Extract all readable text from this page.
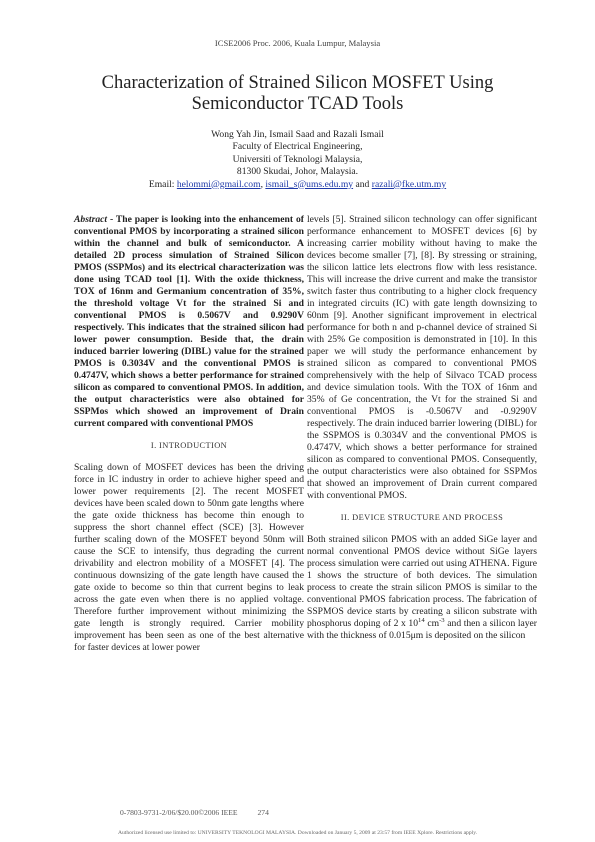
ICSE2006 Proc. 2006, Kuala Lumpur, Malaysia
Characterization of Strained Silicon MOSFET Using Semiconductor TCAD Tools
Wong Yah Jin, Ismail Saad and Razali Ismail
Faculty of Electrical Engineering,
Universiti of Teknologi Malaysia,
81300 Skudai, Johor, Malaysia.
Email: helommi@gmail.com, ismail_s@ums.edu.my and razali@fke.utm.my

Abstract - The paper is looking into the enhancement of conventional PMOS by incorporating a strained silicon within the channel and bulk of semiconductor. A detailed 2D process simulation of Strained Silicon PMOS (SSPMos) and its electrical characterization was done using TCAD tool [1]. With the oxide thickness, TOX of 16nm and Germanium concentration of 35%, the threshold voltage Vt for the strained Si and conventional PMOS is 0.5067V and 0.9290V respectively. This indicates that the strained silicon had lower power consumption. Beside that, the drain induced barrier lowering (DIBL) value for the strained PMOS is 0.3034V and the conventional PMOS is 0.4747V, which shows a better performance for strained silicon as compared to conventional PMOS. In addition, the output characteristics were also obtained for SSPMos which showed an improvement of Drain current compared with conventional PMOS

I. INTRODUCTION

Scaling down of MOSFET devices has been the driving force in IC industry in order to achieve higher speed and lower power requirements [2]. The recent MOSFET devices have been scaled down to 50nm gate lengths where the gate oxide thickness has become thin enough to suppress the short channel effect (SCE) [3]. However further scaling down of the MOSFET beyond 50nm will cause the SCE to intensify, thus degrading the current drivability and electron mobility of a MOSFET [4]. The continuous downsizing of the gate length have caused the gate oxide to become so thin that current begins to leak across the gate even when there is no applied voltage. Therefore further improvement without minimizing the gate length is strongly required. Carrier mobility improvement has been seen as one of the best alternative for faster devices at lower power

levels [5]. Strained silicon technology can offer significant performance enhancement to MOSFET devices [6] by increasing carrier mobility without having to make the devices become smaller [7], [8]. By stressing or straining, the silicon lattice lets electrons flow with less resistance. This will increase the drive current and make the transistor switch faster thus contributing to a higher clock frequency in integrated circuits (IC) with gate length downsizing to 60nm [9]. Another significant improvement in electrical performance for both n and p-channel device of strained Si with 25% Ge composition is demonstrated in [10]. In this paper we will study the performance enhancement by strained silicon as compared to conventional PMOS comprehensively with the help of Silvaco TCAD process and device simulation tools. With the TOX of 16nm and 35% of Ge concentration, the Vt for the strained Si and conventional PMOS is -0.5067V and -0.9290V respectively. The drain induced barrier lowering (DIBL) for the SSPMOS is 0.3034V and the conventional PMOS is 0.4747V, which shows a better performance for strained silicon as compared to conventional PMOS. Consequently, the output characteristics were also obtained for SSPMos that showed an improvement of Drain current compared with conventional PMOS.

II. DEVICE STRUCTURE AND PROCESS

Both strained silicon PMOS with an added SiGe layer and normal conventional PMOS device without SiGe layers process simulation were carried out using ATHENA. Figure 1 shows the structure of both devices. The simulation process to create the strain silicon PMOS is similar to the conventional PMOS fabrication process. The fabrication of SSPMOS device starts by creating a silicon substrate with phosphorus doping of 2 x $10^{14}$ $cm^{-3}$ and then a silicon layer with the thickness of 0.015μm is deposited on the silicon

0-7803-9731-2/06/$20.00©2006 IEEE	274
Authorized licensed use limited to: UNIVERSITY TEKNOLOGI MALAYSIA. Downloaded on January 5, 2009 at 23:57 from IEEE Xplore. Restrictions apply.
